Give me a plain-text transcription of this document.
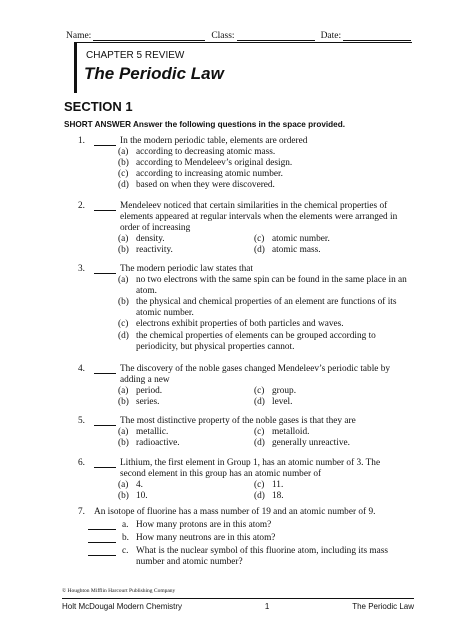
Name:	Class:	Date:
CHAPTER 5 REVIEW
The Periodic Law
SECTION 1
SHORT ANSWER Answer the following questions in the space provided.
1.	In the modern periodic table, elements are ordered
(a) according to decreasing atomic mass.
(b) according to Mendeleev’s original design.
(c) according to increasing atomic number.
(d) based on when they were discovered.
2.	Mendeleev noticed that certain similarities in the chemical properties of elements appeared at regular intervals when the elements were arranged in order of increasing
(a) density.	(c) atomic number.
(b) reactivity.	(d) atomic mass.
3.	The modern periodic law states that
(a) no two electrons with the same spin can be found in the same place in an atom.
(b) the physical and chemical properties of an element are functions of its atomic number.
(c) electrons exhibit properties of both particles and waves.
(d) the chemical properties of elements can be grouped according to periodicity, but physical properties cannot.
4.	The discovery of the noble gases changed Mendeleev’s periodic table by adding a new
(a) period.	(c) group.
(b) series.	(d) level.
5.	The most distinctive property of the noble gases is that they are
(a) metallic.	(c) metalloid.
(b) radioactive.	(d) generally unreactive.
6.	Lithium, the first element in Group 1, has an atomic number of 3. The second element in this group has an atomic number of
(a) 4.	(c) 11.
(b) 10.	(d) 18.
7. An isotope of fluorine has a mass number of 19 and an atomic number of 9.
a. How many protons are in this atom?
b. How many neutrons are in this atom?
c. What is the nuclear symbol of this fluorine atom, including its mass number and atomic number?
© Houghton Mifflin Harcourt Publishing Company
Holt McDougal Modern Chemistry	1	The Periodic Law
